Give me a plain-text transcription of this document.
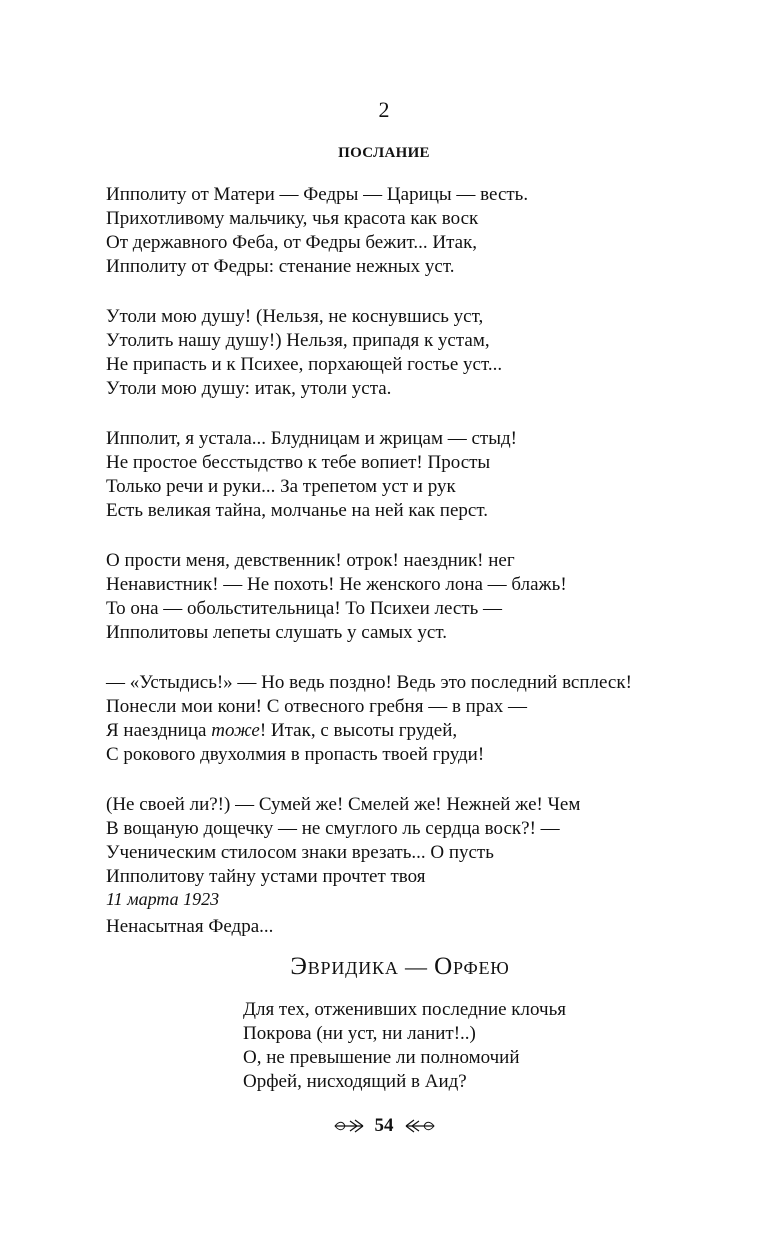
2
ПОСЛАНИЕ
Ипполиту от Матери — Федры — Царицы — весть.
Прихотливому мальчику, чья красота как воск
От державного Феба, от Федры бежит... Итак,
Ипполиту от Федры: стенание нежных уст.
Утоли мою душу! (Нельзя, не коснувшись уст,
Утолить нашу душу!) Нельзя, припадя к устам,
Не припасть и к Психее, порхающей гостье уст...
Утоли мою душу: итак, утоли уста.
Ипполит, я устала... Блудницам и жрицам — стыд!
Не простое бесстыдство к тебе вопиет! Просты
Только речи и руки... За трепетом уст и рук
Есть великая тайна, молчанье на ней как перст.
О прости меня, девственник! отрок! наездник! нег
Ненавистник! — Не похоть! Не женского лона — блажь!
То она — обольстительница! То Психеи лесть —
Ипполитовы лепеты слушать у самых уст.
— «Устыдись!» — Но ведь поздно! Ведь это последний всплеск!
Понесли мои кони! С отвесного гребня — в прах —
Я наездница тоже! Итак, с высоты грудей,
С рокового двухолмия в пропасть твоей груди!
(Не своей ли?!) — Сумей же! Смелей же! Нежней же! Чем
В вощаную дощечку — не смуглого ль сердца воск?! —
Ученическим стилосом знаки врезать... О пусть
Ипполитову тайну устами прочтет твоя
Ненасытная Федра...
11 марта 1923
ЭВРИДИКА — ОРФЕЮ
Для тех, отженивших последние клочья
Покрова (ни уст, ни ланит!..)
О, не превышение ли полномочий
Орфей, нисходящий в Аид?
54
